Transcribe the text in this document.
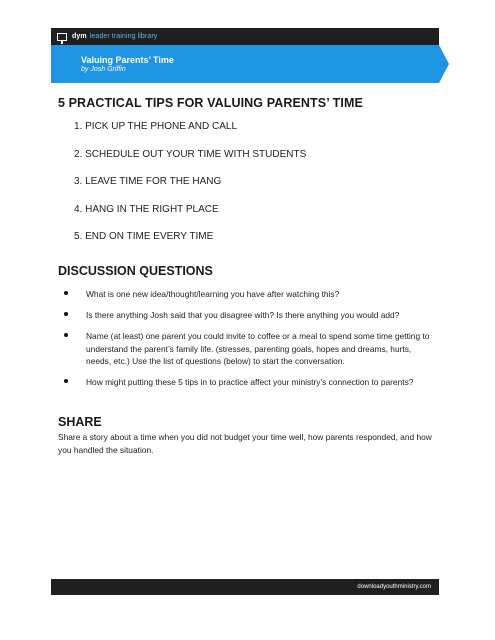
dym leader training library
Valuing Parents’ Time
by Josh Griffin
5 PRACTICAL TIPS FOR VALUING PARENTS’ TIME
1. PICK UP THE PHONE AND CALL
2. SCHEDULE OUT YOUR TIME WITH STUDENTS
3. LEAVE TIME FOR THE HANG
4. HANG IN THE RIGHT PLACE
5. END ON TIME EVERY TIME
DISCUSSION QUESTIONS
What is one new idea/thought/learning you have after watching this?
Is there anything Josh said that you disagree with? Is there anything you would add?
Name (at least) one parent you could invite to coffee or a meal to spend some time getting to understand the parent’s family life. (stresses, parenting goals, hopes and dreams, hurts, needs, etc.) Use the list of questions (below) to start the conversation.
How might putting these 5 tips in to practice affect your ministry’s connection to parents?
SHARE

Share a story about a time when you did not budget your time well, how parents responded, and how you handled the situation.

downloadyouthministry.com
